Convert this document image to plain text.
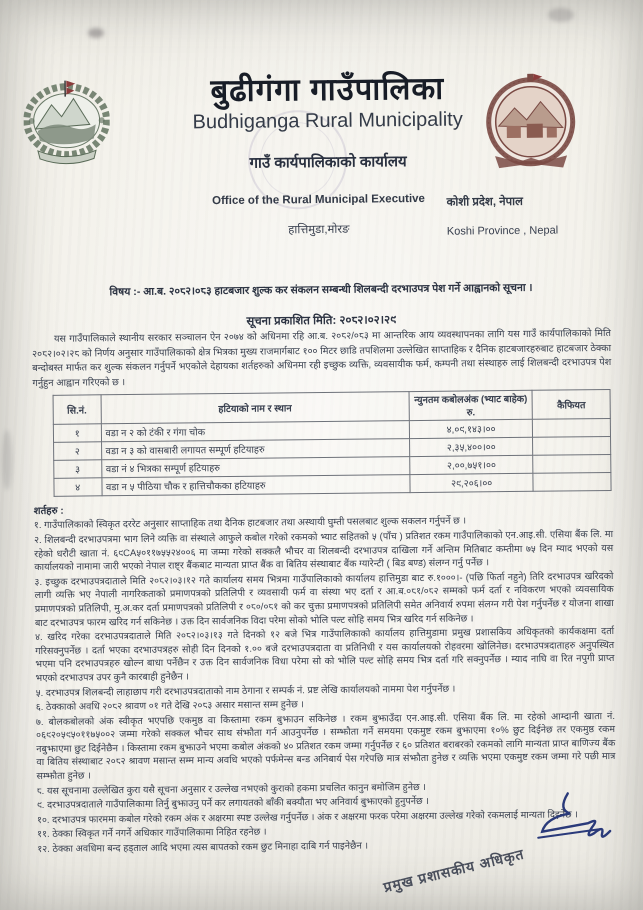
बुढीगंगा गाउँपालिका
Budhiganga Rural Municipality
गाउँ कार्यपालिकाको कार्यालय
Office of the Rural Municipal Executive
हात्तिमुडा,मोरङ
कोशी प्रदेश, नेपाल
Koshi Province , Nepal
विषय :- आ.ब. २०८२।०८३ हाटबजार शुल्क कर संकलन सम्बन्धी शिलबन्दी दरभाउपत्र पेश गर्ने आह्वानको सूचना ।
सूचना प्रकाशित मिति: २०८२।०२।२९
यस गाउँपालिकाले स्थानीय सरकार सञ्चालन ऐन २०७४ को अधिनमा रहि आ.ब. २०८२/०८३ मा आन्तरिक आय व्यवस्थापनका लागि यस गाउँ कार्यपालिकाको मिति २०८२।०२।२८ को निर्णय अनुसार गाउँपालिकाको क्षेत्र भित्रका मुख्य राजमार्गबाट १०० मिटर छाडि तपशिलमा उल्लेखित साप्ताहिक र दैनिक हाटबजारहरुबाट हाटबजार ठेक्का बन्दोबस्त मार्फत कर शुल्क संकलन गर्नुपर्ने भएकोले देहायका शर्तहरुको अधिनमा रही इच्छुक व्यक्ति, व्यवसायीक फर्म, कम्पनी तथा संस्थाहरु लाई शिलबन्दी दरभाउपत्र पेश गर्नुहुन आह्वान गरिएको छ ।
सि.नं.	हटियाको नाम र स्थान	न्युनतम कबोलअंक (भ्याट बाहेक) रु.	कैफियत
१	वडा न २ को टंकी र गंगा चोक	४,०९,१४३।००	
२	वडा न ३ को वासबारी लगायत सम्पूर्ण हटियाहरु	२,३५,४००।००	
३	वडा नं ४ भित्रका सम्पूर्ण हटियाहरु	२,००,७५१।००	
४	वडा न ५ पीठिया चौक र हात्तिचौकका हटियाहरु	२९,२०६।००	
शर्तहरु :
१. गाउँपालिकाको स्विकृत दररेट अनुसार साप्ताहिक तथा दैनिक हाटबजार तथा अस्थायी घुम्ती पसलबाट शुल्क सकलन गर्नुपर्ने छ ।
२. शिलबन्दी दरभाउपत्रमा भाग लिने व्यक्ति वा संस्थाले आफुले कबोल गरेको रकमको भ्याट सहितको ५ (पाँच ) प्रतिशत रकम गाउँपालिकाको एन.आइ.सी. एसिया बैंक लि. मा रहेको धरौटी खाता नं. ६९CA५०११७५५२४००६ मा जम्मा गरेको सक्कलै भौचर वा शिलबन्दी दरभाउपत्र दाखिला गर्ने अन्तिम मितिबाट कम्तीमा ७५ दिन म्याद भएको यस कार्यालयको नामामा जारी भएको नेपाल राष्ट्र बैंकबाट मान्यता प्राप्त बैंक वा बितिय संस्थाबाट बैंक ग्यारेन्टी ( बिड बण्ड) संलग्न गर्नु पर्नेछ ।
३. इच्छुक दरभाउपत्रदाताले मिति २०८२।०३।१२ गते कार्यालय समय भित्रमा गाउँपालिकाको कार्यालय हात्तिमुडा बाट रु.१०००।- (पछि फिर्ता नहुने) तिरि दरभाउपत्र खरिदको लागी व्यक्ति भए नेपाली नागरिकताको प्रमाणपत्रको प्रतिलिपी र व्यवसायी फर्म वा संस्था भए दर्ता र आ.ब.०८१/०८२ सम्मको फर्म दर्ता र नविकरण भएको व्यवसायिक प्रमाणपत्रको प्रतिलिपी, मु.अ.कर दर्ता प्रमाणपत्रको प्रतिलिपी र ०८०/०८१ को कर चुक्ता प्रमाणपत्रको प्रतिलिपी समेत अनिवार्य रुपमा संलग्न गरी पेश गर्नुपर्नेछ र योजना शाखा बाट दरभाउपत्र फारम खरिद गर्न सकिनेछ । उक्त दिन सार्वजनिक विदा परेमा सोको भोलि पल्ट सोहि समय भित्र खरिद गर्न सकिनेछ ।
४. खरिद गरेका दरभाउपत्रदाताले मिति २०८२।०३।१३ गते दिनको १२ बजे भित्र गाउँपालिकाको कार्यालय हात्तिमुडामा प्रमुख प्रशासकिय अधिकृतको कार्यकक्षमा दर्ता गरिसक्नुपर्नेछ । दर्ता भएका दरभाउपत्रहरु सोही दिन दिनको १.०० बजे दरभाउपत्रदाता वा प्रतिनिधी र यस कार्यालयको रोहवरमा खोलिनेछ। दरभाउपत्रदाताहरु अनुपस्थित भएमा पनि दरभाउपत्रहरु खोल्न बाधा पर्नेछैन र उक्त दिन सार्वजनिक विधा परेमा सो को भोलि पल्ट सोहि समय भित्र दर्ता गरि सक्नुपर्नेछ । म्याद नाघि वा रित नपुगी प्राप्त भएको दरभाउपत्र उपर कुनै कारबाही हुनेछैन ।
५. दरभाउपत्र शिलबन्दी लाहाछाप गरी दरभाउपत्रदाताको नाम ठेगाना र सम्पर्क नं. प्रष्ट लेखि कार्यालयको नाममा पेश गर्नुपर्नेछ ।
६. ठेक्काको अवधि २०८२ श्रावण ०१ गते देखि २०८३ असार मसान्त सम्म हुनेछ ।
७. बोलकबोलको अंक स्वीकृत भएपछि एकमुष्ठ वा किस्तामा रकम बुझाउन सकिनेछ । रकम बुझाउँदा एन.आइ.सी. एसिया बैंक लि. मा रहेको आम्दानी खाता नं. ०६९२०५९५०११७५००२ जम्मा गरेको सक्कल भौचर साथ संझौता गर्न आउनुपर्नेछ । सम्झौता गर्ने समयमा एकमुष्ट रकम बुझाएमा १०% छुट दिईनेछ तर एकमुष्ठ रकम नबुझाएमा छुट दिईनेछैन । किस्तामा रकम बुझाउने भएमा कबोल अंकको ४० प्रतिशत रकम जम्मा गर्नुपर्नेछ र ६० प्रतिशत बराबरको रकमको लागि मान्यता प्राप्त बाणिज्य बैंक वा बितिय संस्थाबाट २०८२ श्रावण मसान्त सम्म मान्य अवधि भएको पर्फमेन्स बन्ड अनिबार्य पेस गरेपछि मात्र संझौता हुनेछ र व्यक्ति भएमा एकमुष्ट रकम जम्मा गरे पछी मात्र सम्झौता हुनेछ ।
८. यस सूचनामा उल्लेखित कुरा यसै सूचना अनुसार र उल्लेख नभएको कुराको हकमा प्रचलित कानुन बमोजिम हुनेछ ।
९. दरभाउपत्रदाताले गाउँपालिकामा तिर्नु बुझाउनु पर्ने कर लगायतको बाँकी बक्यौता भए अनिवार्य बुझाएको हुनुपर्नेछ ।
१०. दरभाउपत्र फारममा कबोल गरेको रकम अंक र अक्षरमा स्पष्ट उल्लेख गर्नुपर्नेछ । अंक र अक्षरमा फरक परेमा अक्षरमा उल्लेख गरेको रकमलाई मान्यता दिइनेछ ।
११. ठेक्का स्विकृत गर्ने नगर्ने अधिकार गाउँपालिकामा निहित रहनेछ ।
१२. ठेक्का अवधिमा बन्द हड्ताल आदि भएमा त्यस बापतको रकम छुट मिनाहा दाबि गर्न पाइनेछैन । प्रमुख प्रशासकीय अधिकृत
